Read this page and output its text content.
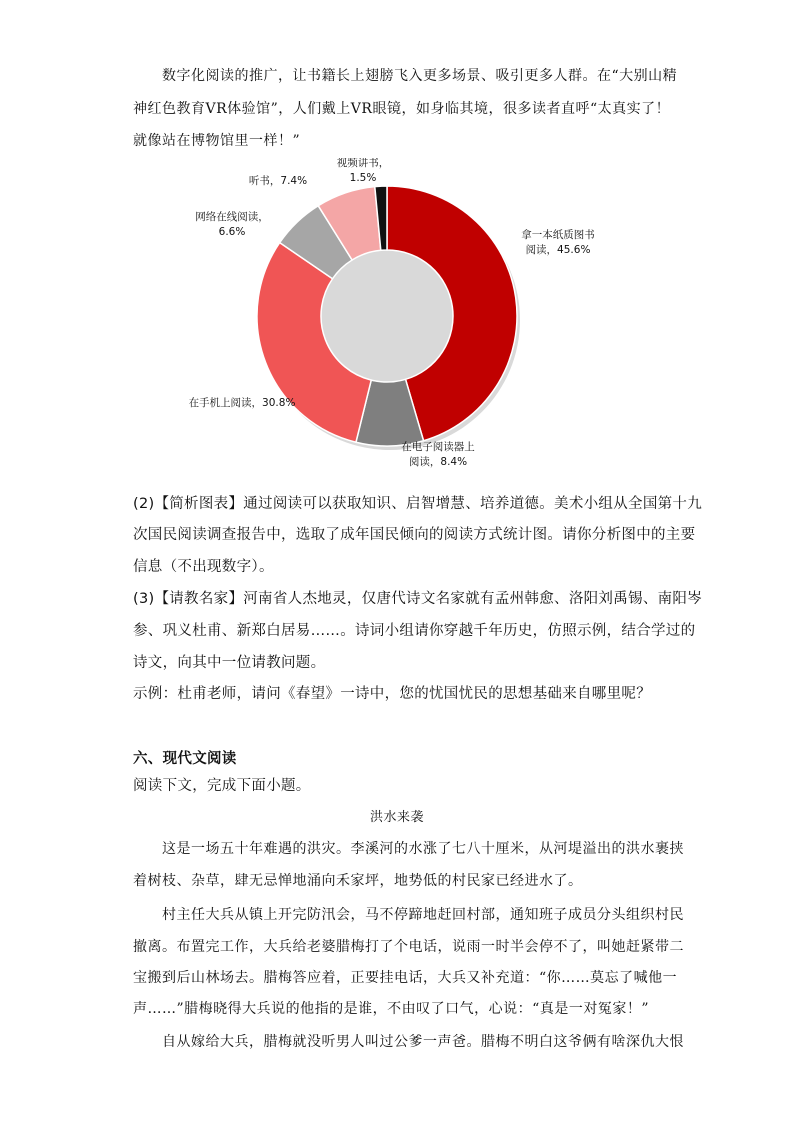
数字化阅读的推广，让书籍长上翅膀飞入更多场景、吸引更多人群。在“大别山精
神红色教育VR体验馆”，人们戴上VR眼镜，如身临其境，很多读者直呼“太真实了！
就像站在博物馆里一样！”
拿一本纸质图书阅读，45.6%
在电子阅读器上阅读，8.4%
在手机上阅读，30.8%
网络在线阅读， 6.6%
听书，7.4%
视频讲书， 1.5%
(2)【简析图表】通过阅读可以获取知识、启智增慧、培养道德。美术小组从全国第十九
次国民阅读调查报告中，选取了成年国民倾向的阅读方式统计图。请你分析图中的主要
信息（不出现数字）。
(3)【请教名家】河南省人杰地灵，仅唐代诗文名家就有孟州韩愈、洛阳刘禹锡、南阳岑
参、巩义杜甫、新郑白居易……。诗词小组请你穿越千年历史，仿照示例，结合学过的
诗文，向其中一位请教问题。
示例：杜甫老师，请问《春望》一诗中，您的忧国忧民的思想基础来自哪里呢？
六、现代文阅读
阅读下文，完成下面小题。
洪水来袭
这是一场五十年难遇的洪灾。李溪河的水涨了七八十厘米，从河堤溢出的洪水裹挟
着树枝、杂草，肆无忌惮地涌向禾家坪，地势低的村民家已经进水了。
村主任大兵从镇上开完防汛会，马不停蹄地赶回村部，通知班子成员分头组织村民
撤离。布置完工作，大兵给老婆腊梅打了个电话，说雨一时半会停不了，叫她赶紧带二
宝搬到后山林场去。腊梅答应着，正要挂电话，大兵又补充道：“你……莫忘了喊他一
声……”腊梅晓得大兵说的他指的是谁，不由叹了口气，心说：“真是一对冤家！”
自从嫁给大兵，腊梅就没听男人叫过公爹一声爸。腊梅不明白这爷俩有啥深仇大恨
